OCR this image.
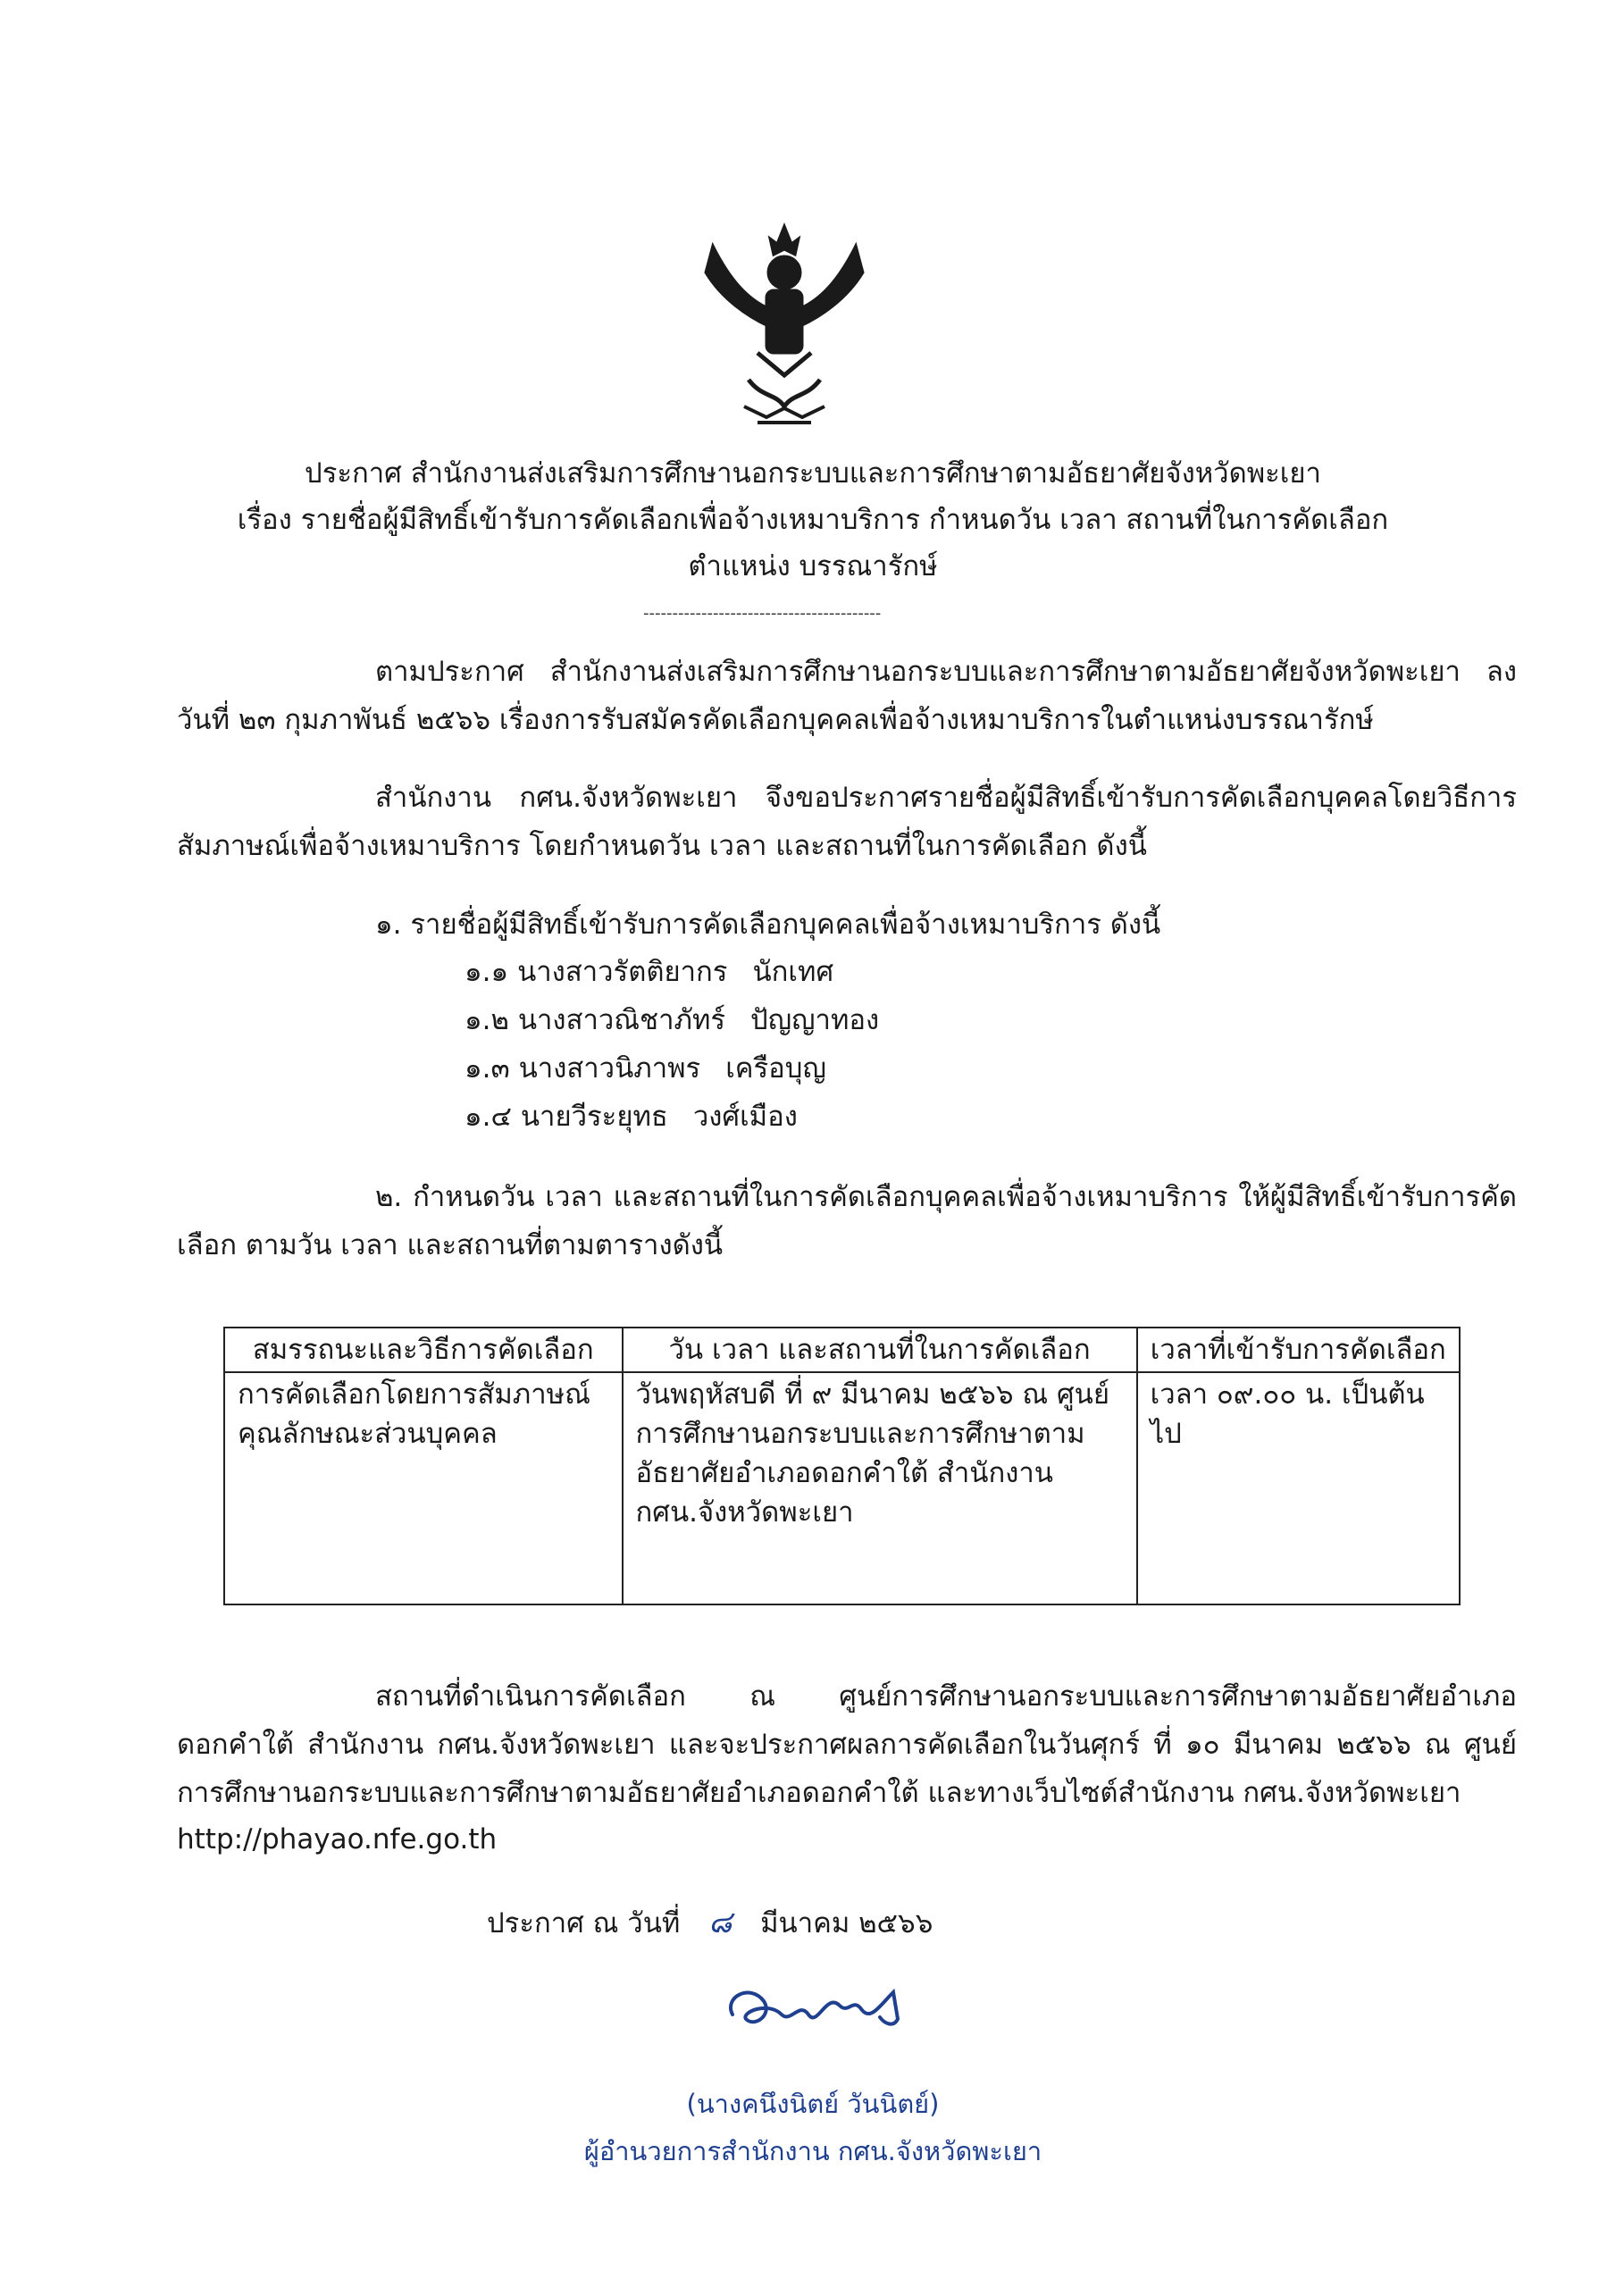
ประกาศ สำนักงานส่งเสริมการศึกษานอกระบบและการศึกษาตามอัธยาศัยจังหวัดพะเยา
เรื่อง รายชื่อผู้มีสิทธิ์เข้ารับการคัดเลือกเพื่อจ้างเหมาบริการ กำหนดวัน เวลา สถานที่ในการคัดเลือก
ตำแหน่ง บรรณารักษ์
-----------------------------------------
ตามประกาศ สำนักงานส่งเสริมการศึกษานอกระบบและการศึกษาตามอัธยาศัยจังหวัดพะเยา ลงวันที่ ๒๓ กุมภาพันธ์ ๒๕๖๖ เรื่องการรับสมัครคัดเลือกบุคคลเพื่อจ้างเหมาบริการในตำแหน่งบรรณารักษ์
สำนักงาน กศน.จังหวัดพะเยา จึงขอประกาศรายชื่อผู้มีสิทธิ์เข้ารับการคัดเลือกบุคคลโดยวิธีการสัมภาษณ์เพื่อจ้างเหมาบริการ โดยกำหนดวัน เวลา และสถานที่ในการคัดเลือก ดังนี้
๑. รายชื่อผู้มีสิทธิ์เข้ารับการคัดเลือกบุคคลเพื่อจ้างเหมาบริการ ดังนี้
๑.๑ นางสาวรัตติยากร นักเทศ
๑.๒ นางสาวณิชาภัทร์ ปัญญาทอง
๑.๓ นางสาวนิภาพร เครือบุญ
๑.๔ นายวีระยุทธ วงศ์เมือง
๒. กำหนดวัน เวลา และสถานที่ในการคัดเลือกบุคคลเพื่อจ้างเหมาบริการ ให้ผู้มีสิทธิ์เข้ารับการคัดเลือก ตามวัน เวลา และสถานที่ตามตารางดังนี้
สมรรถนะและวิธีการคัดเลือก	วัน เวลา และสถานที่ในการคัดเลือก	เวลาที่เข้ารับการคัดเลือก
การคัดเลือกโดยการสัมภาษณ์คุณลักษณะส่วนบุคคล	วันพฤหัสบดี ที่ ๙ มีนาคม ๒๕๖๖ ณ ศูนย์การศึกษานอกระบบและการศึกษาตามอัธยาศัยอำเภอดอกคำใต้ สำนักงาน กศน.จังหวัดพะเยา	เวลา ๐๙.๐๐ น. เป็นต้นไป
สถานที่ดำเนินการคัดเลือก ณ ศูนย์การศึกษานอกระบบและการศึกษาตามอัธยาศัยอำเภอดอกคำใต้ สำนักงาน กศน.จังหวัดพะเยา และจะประกาศผลการคัดเลือกในวันศุกร์ ที่ ๑๐ มีนาคม ๒๕๖๖ ณ ศูนย์การศึกษานอกระบบและการศึกษาตามอัธยาศัยอำเภอดอกคำใต้ และทางเว็บไซต์สำนักงาน กศน.จังหวัดพะเยา
http://phayao.nfe.go.th
ประกาศ ณ วันที่ ๘ มีนาคม ๒๕๖๖
(นางคนึงนิตย์ วันนิตย์)
ผู้อำนวยการสำนักงาน กศน.จังหวัดพะเยา
